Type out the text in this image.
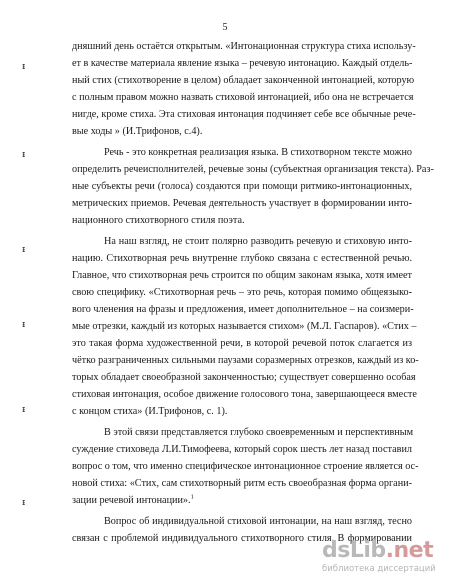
5
ᵻ
ᵻ
ᵻ
ᵻ
ᵻ
ᵻ
дняшний день остаётся открытым. «Интонационная структура стиха использу-
ет в качестве материала явление языка – речевую интонацию. Каждый отдель-
ный стих (стихотворение в целом) обладает законченной интонацией, которую
с полным правом можно назвать стиховой интонацией, ибо она не встречается
нигде, кроме стиха. Эта стиховая интонация подчиняет себе все обычные рече-
вые ходы » (И.Трифонов, с.4).
Речь - это конкретная реализация языка. В стихотворном тексте можно
определить речеисполнителей, речевые зоны (субъектная организация текста). Раз-
ные субъекты речи (голоса) создаются при помощи ритмико-интонационных,
метрических приемов. Речевая деятельность участвует в формировании инто-
национного стихотворного стиля поэта.
На наш взгляд, не стоит полярно разводить речевую и стиховую инто-
нацию. Стихотворная речь внутренне глубоко связана с естественной речью.
Главное, что стихотворная речь строится по общим законам языка, хотя имеет
свою специфику. «Стихотворная речь – это речь, которая помимо общеязыко-
вого членения на фразы и предложения, имеет дополнительное – на соизмери-
мые отрезки, каждый из которых называется стихом» (М.Л. Гаспаров). «Стих –
это такая форма художественной речи, в которой речевой поток слагается из
чётко разграниченных сильными паузами соразмерных отрезков, каждый из ко-
торых обладает своеобразной законченностью; существует совершенно особая
стиховая интонация, особое движение голосового тона, завершающееся вместе
с концом стиха» (И.Трифонов, с. 1).
В этой связи представляется глубоко своевременным и перспективным
суждение стиховеда Л.И.Тимофеева, который сорок шесть лет назад поставил
вопрос о том, что именно специфическое интонационное строение является ос-
новой стиха: «Стих, сам стихотворный ритм есть своеобразная форма органи-
зации речевой интонации».$^1$
Вопрос об индивидуальной стиховой интонации, на наш взгляд, тесно
связан с проблемой индивидуального стихотворного стиля. В формировании
dsLib.net
библиотека диссертаций
